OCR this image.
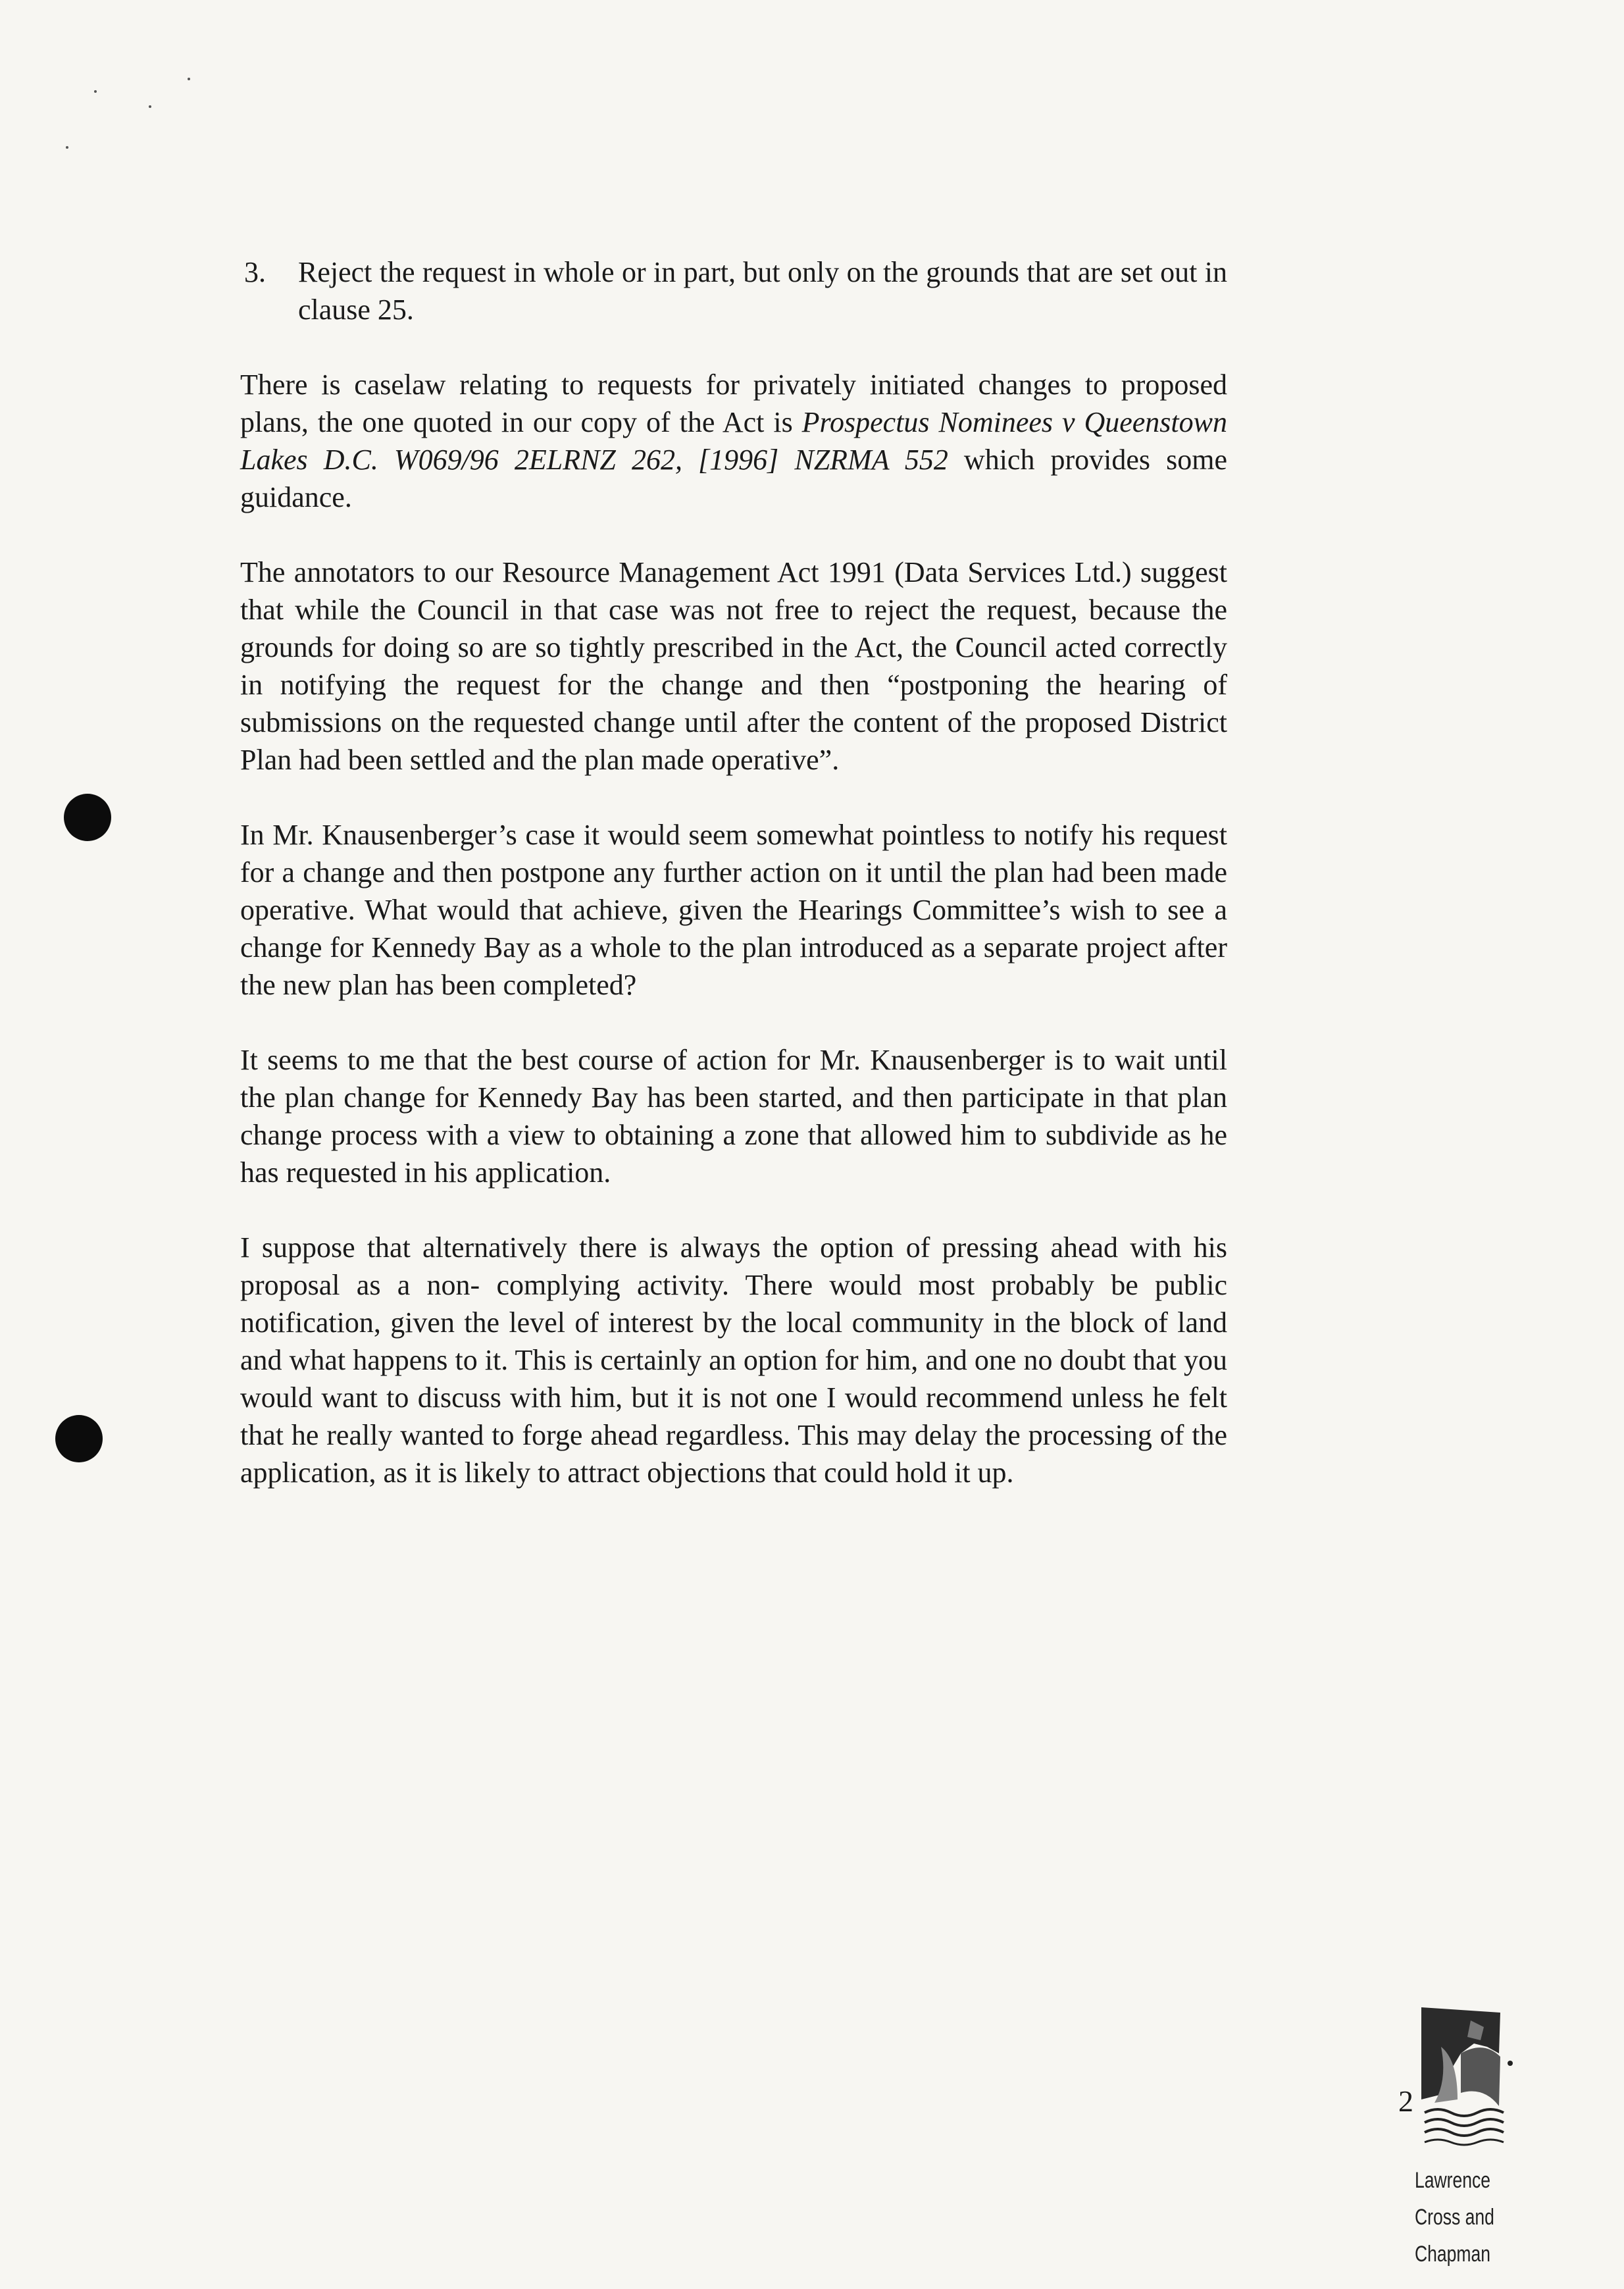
3.	Reject the request in whole or in part, but only on the grounds that are set out in clause 25.

There is caselaw relating to requests for privately initiated changes to proposed plans, the one quoted in our copy of the Act is Prospectus Nominees v Queenstown Lakes D.C. W069/96 2ELRNZ 262, [1996] NZRMA 552 which provides some guidance.

The annotators to our Resource Management Act 1991 (Data Services Ltd.) suggest that while the Council in that case was not free to reject the request, because the grounds for doing so are so tightly prescribed in the Act, the Council acted correctly in notifying the request for the change and then “postponing the hearing of submissions on the requested change until after the content of the proposed District Plan had been settled and the plan made operative”.

In Mr. Knausenberger’s case it would seem somewhat pointless to notify his request for a change and then postpone any further action on it until the plan had been made operative. What would that achieve, given the Hearings Committee’s wish to see a change for Kennedy Bay as a whole to the plan introduced as a separate project after the new plan has been completed?

It seems to me that the best course of action for Mr. Knausenberger is to wait until the plan change for Kennedy Bay has been started, and then participate in that plan change process with a view to obtaining a zone that allowed him to subdivide as he has requested in his application.

I suppose that alternatively there is always the option of pressing ahead with his proposal as a non- complying activity. There would most probably be public notification, given the level of interest by the local community in the block of land and what happens to it. This is certainly an option for him, and one no doubt that you would want to discuss with him, but it is not one I would recommend unless he felt that he really wanted to forge ahead regardless. This may delay the processing of the application, as it is likely to attract objections that could hold it up.

2
Lawrence
Cross and
Chapman
